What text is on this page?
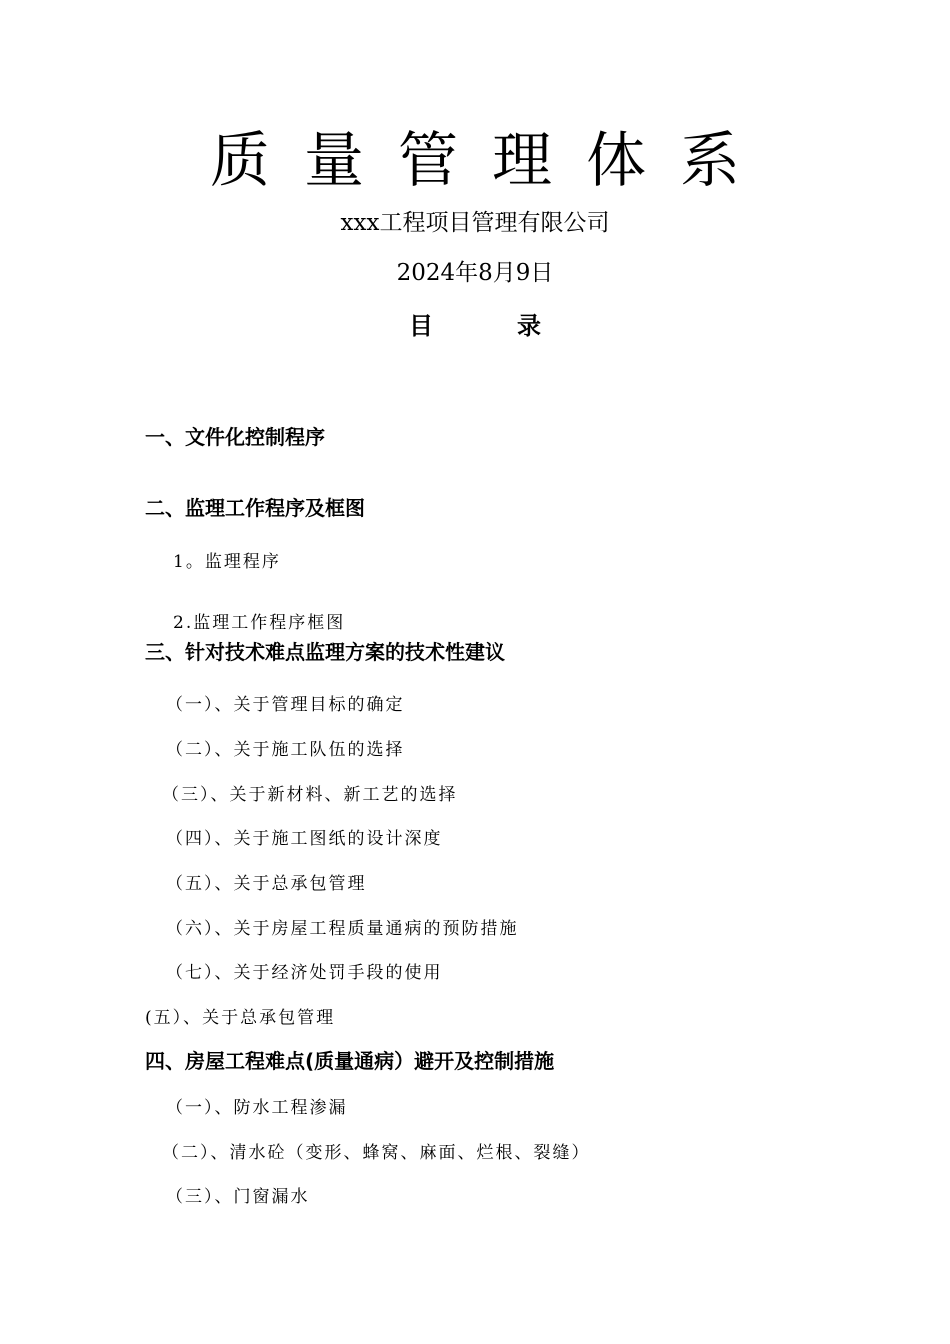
质量管理体系
xxx工程项目管理有限公司
2024年8月9日
目　录
一、文件化控制程序
二、监理工作程序及框图
1。监理程序
2.监理工作程序框图
三、针对技术难点监理方案的技术性建议
（一）、关于管理目标的确定
（二）、关于施工队伍的选择
（三）、关于新材料、新工艺的选择
（四）、关于施工图纸的设计深度
（五）、关于总承包管理
（六）、关于房屋工程质量通病的预防措施
（七）、关于经济处罚手段的使用
(五）、关于总承包管理
四、房屋工程难点(质量通病）避开及控制措施
（一）、防水工程渗漏
（二）、清水砼（变形、蜂窝、麻面、烂根、裂缝）
（三）、门窗漏水
